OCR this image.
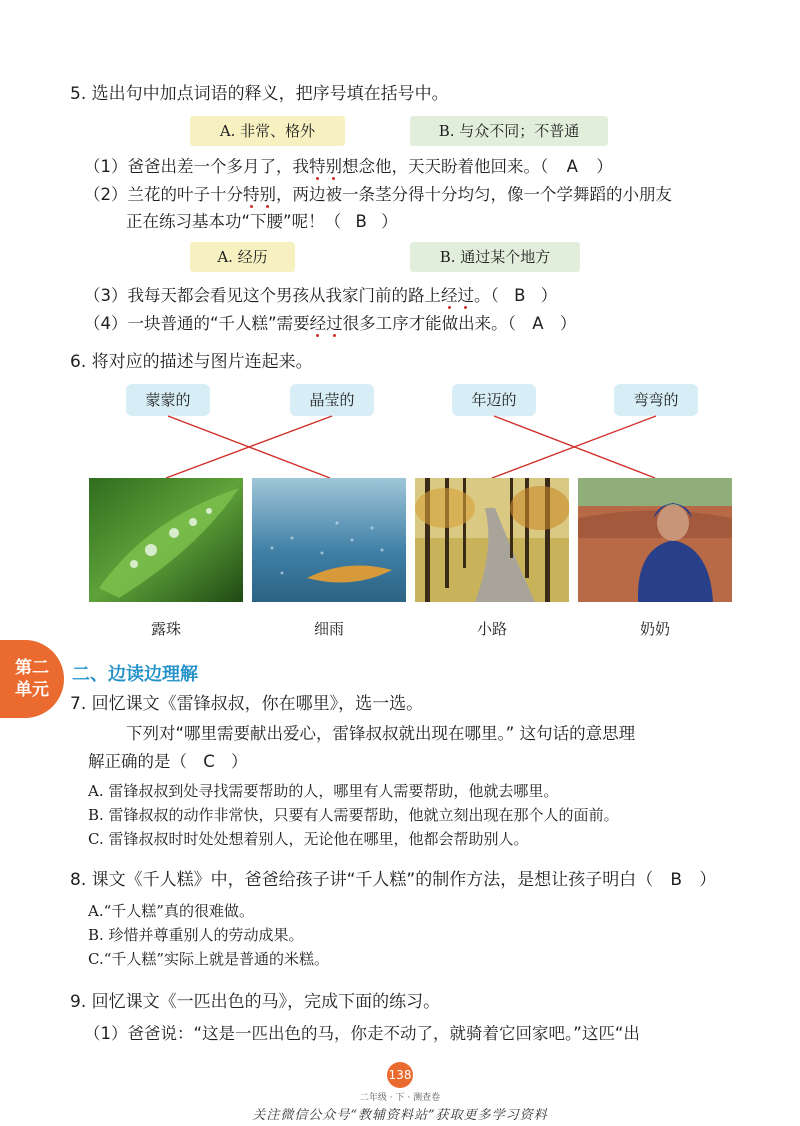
5. 选出句中加点词语的释义，把序号填在括号中。
A. 非常、格外	B. 与众不同；不普通
（1）爸爸出差一个多月了，我特别想念他，天天盼着他回来。（ A ）
（2）兰花的叶子十分特别，两边被一条茎分得十分均匀，像一个学舞蹈的小朋友
正在练习基本功“下腰”呢！（ B ）
A. 经历	B. 通过某个地方
（3）我每天都会看见这个男孩从我家门前的路上经过。（ B ）
（4）一块普通的“千人糕”需要经过很多工序才能做出来。（ A ）
6. 将对应的描述与图片连起来。
蒙蒙的	晶莹的	年迈的	弯弯的
露珠	细雨	小路	奶奶
第二
单元
二、边读边理解
7. 回忆课文《雷锋叔叔，你在哪里》，选一选。
下列对“哪里需要献出爱心，雷锋叔叔就出现在哪里。” 这句话的意思理
解正确的是（ C ）
A. 雷锋叔叔到处寻找需要帮助的人，哪里有人需要帮助，他就去哪里。
B. 雷锋叔叔的动作非常快，只要有人需要帮助，他就立刻出现在那个人的面前。
C. 雷锋叔叔时时处处想着别人，无论他在哪里，他都会帮助别人。
8. 课文《千人糕》中，爸爸给孩子讲“千人糕”的制作方法，是想让孩子明白（ B ）
A.“千人糕”真的很难做。
B. 珍惜并尊重别人的劳动成果。
C.“千人糕”实际上就是普通的米糕。
9. 回忆课文《一匹出色的马》，完成下面的练习。
（1）爸爸说：“这是一匹出色的马，你走不动了，就骑着它回家吧。”这匹“出
138
二年级 · 下 · 测查卷
关注微信公众号“教辅资料站”获取更多学习资料
